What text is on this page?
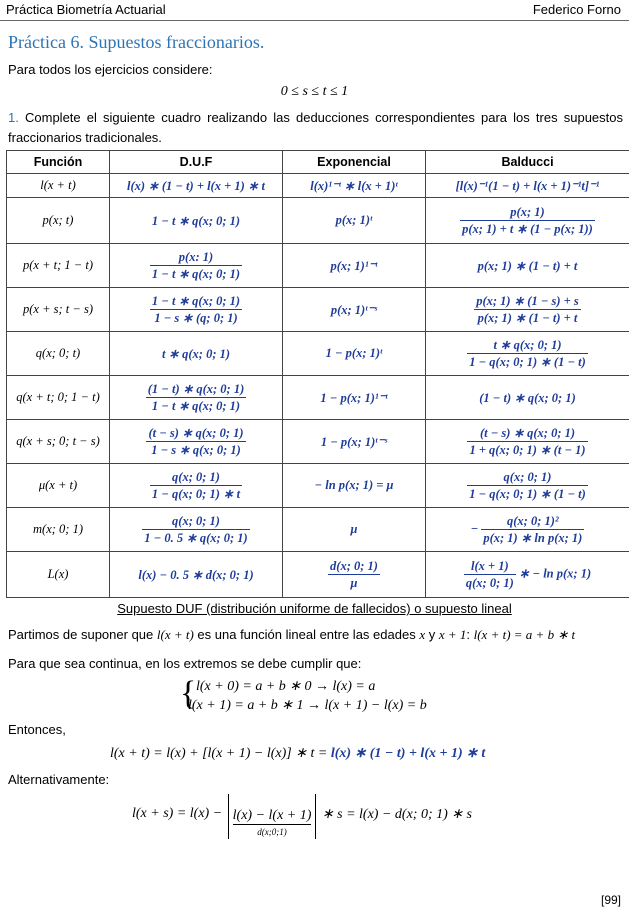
Práctica Biometría Actuarial	Federico Forno
Práctica 6. Supuestos fraccionarios.
Para todos los ejercicios considere:
0 ≤ s ≤ t ≤ 1
1. Complete el siguiente cuadro realizando las deducciones correspondientes para los tres supuestos fraccionarios tradicionales.
Función	D.U.F	Exponencial	Balducci
l(x + t)	l(x) ∗ (1 − t) + l(x + 1) ∗ t	l(x)¹⁻ᵗ ∗ l(x + 1)ᵗ	[l(x)⁻¹(1 − t) + l(x + 1)⁻¹t]⁻¹
p(x; t)	1 − t ∗ q(x; 0; 1)	p(x; 1)ᵗ	$\frac{p(x; 1)}{p(x; 1) + t ∗ (1 - p(x; 1))}$

p(x + t; 1 − t)	$\frac{p(x: 1)}{1 - t ∗ q(x; 0; 1)}$	p(x; 1)¹⁻ᵗ	p(x; 1) ∗ (1 − t) + t
p(x + s; t − s)	$\frac{1 - t ∗ q(x; 0; 1)}{1 - s ∗ (q; 0; 1)}$	p(x; 1)ᵗ⁻ˢ	$\frac{p(x; 1) ∗ (1 - s) + s}{p(x; 1) ∗ (1 - t) + t}$

q(x; 0; t)	t ∗ q(x; 0; 1)	1 − p(x; 1)ᵗ	$\frac{t ∗ q(x; 0; 1)}{1 - q(x; 0; 1) ∗ (1 - t)}$

q(x + t; 0; 1 − t)	$\frac{(1 - t) ∗ q(x; 0; 1)}{1 - t ∗ q(x; 0; 1)}$	1 − p(x; 1)¹⁻ᵗ	(1 − t) ∗ q(x; 0; 1)
q(x + s; 0; t − s)	$\frac{(t - s) ∗ q(x; 0; 1)}{1 - s ∗ q(x; 0; 1)}$	1 − p(x; 1)ᵗ⁻ˢ	$\frac{(t - s) ∗ q(x; 0; 1)}{1 + q(x; 0; 1) ∗ (t - 1)}$

μ(x + t)	$\frac{q(x; 0; 1)}{1 - q(x; 0; 1) ∗ t}$	− ln p(x; 1) = μ	$\frac{q(x; 0; 1)}{1 - q(x; 0; 1) ∗ (1 - t)}$

m(x; 0; 1)	$\frac{q(x; 0; 1)}{1 - 0. 5 ∗ q(x; 0; 1)}$	μ	− $\frac{\text{q(x; 0; 1)²}}{\text{p(x; 1) ∗ ln p(x; 1)}}$

L(x)	l(x) − 0. 5 ∗ d(x; 0; 1)	$\frac{d(x; 0; 1)}{\mu}$	$\frac{l(x + 1)}{q(x; 0; 1)}$ ∗ − ln p(x; 1)
Supuesto DUF (distribución uniforme de fallecidos) o supuesto lineal
Partimos de suponer que l(x + t) es una función lineal entre las edades x y x + 1: l(x + t) = a + b ∗ t
Para que sea continua, en los extremos se debe cumplir que:
{ l(x + 0) = a + b ∗ 0 → l(x) = a
l(x + 1) = a + b ∗ 1 → l(x + 1) − l(x) = b
Entonces,
l(x + t) = l(x) + [l(x + 1) − l(x)] ∗ t = l(x) ∗ (1 − t) + l(x + 1) ∗ t
Alternativamente:
l(x + s) = l(x) − l(x) − l(x + 1)
d(x;0;1)
∗ s = l(x) − d(x; 0; 1) ∗ s
[99]
